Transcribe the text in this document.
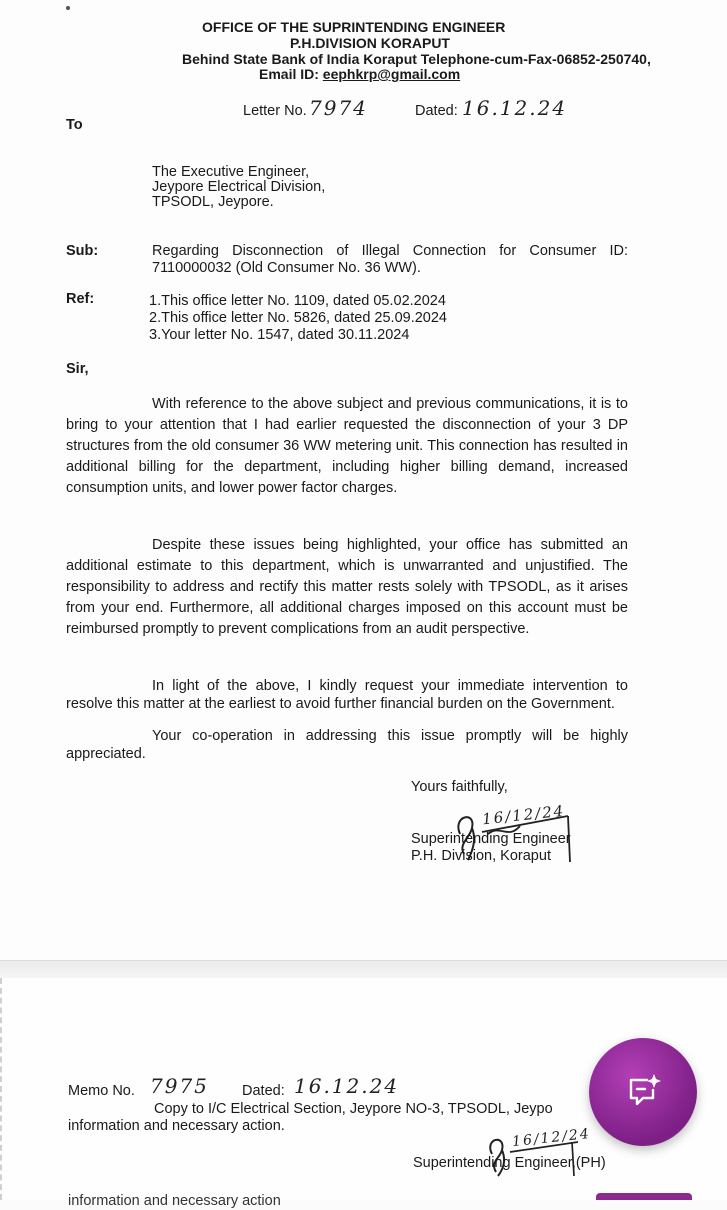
OFFICE OF THE SUPRINTENDING ENGINEER
P.H.DIVISION KORAPUT
Behind State Bank of India Koraput Telephone-cum-Fax-06852-250740,
Email ID: eephkrp@gmail.com
Letter No. 7974	Dated: 16.12.24
To
The Executive Engineer,
Jeypore Electrical Division,
TPSODL, Jeypore.
Sub:	Regarding Disconnection of Illegal Connection for Consumer ID:
7110000032 (Old Consumer No. 36 WW).
Ref:	1.This office letter No. 1109, dated 05.02.2024
2.This office letter No. 5826, dated 25.09.2024
3.Your letter No. 1547, dated 30.11.2024
Sir,
With reference to the above subject and previous communications, it is to bring to your attention that I had earlier requested the disconnection of your 3 DP structures from the old consumer 36 WW metering unit. This connection has resulted in additional billing for the department, including higher billing demand, increased consumption units, and lower power factor charges.
Despite these issues being highlighted, your office has submitted an additional estimate to this department, which is unwarranted and unjustified. The responsibility to address and rectify this matter rests solely with TPSODL, as it arises from your end. Furthermore, all additional charges imposed on this account must be reimbursed promptly to prevent complications from an audit perspective.
In light of the above, I kindly request your immediate intervention to resolve this matter at the earliest to avoid further financial burden on the Government.
Your co-operation in addressing this issue promptly will be highly appreciated.
Yours faithfully,
16/12/24
Superintending Engineer
P.H. Division, Koraput
Memo No. 7975 Dated: 16.12.24
Copy to I/C Electrical Section, Jeypore NO-3, TPSODL, Jeypo
information and necessary action.	16/12/24
Superintending Engineer,(PH)
information and necessary action
